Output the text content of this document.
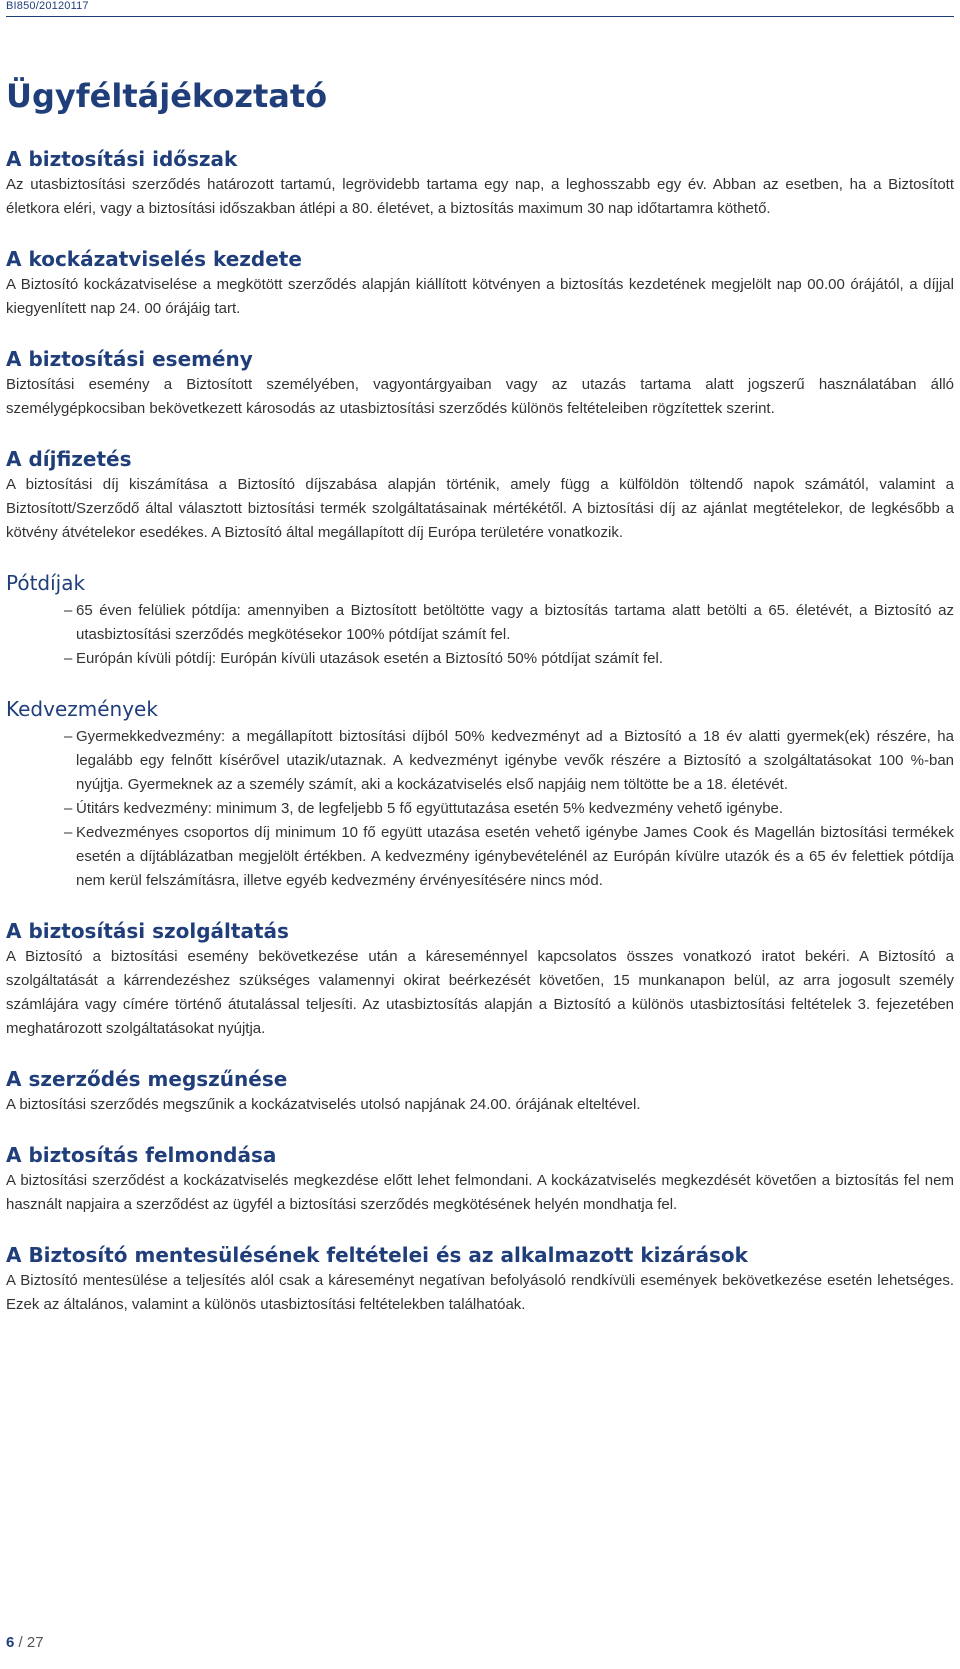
BI850/20120117
Ügyféltájékoztató
A biztosítási időszak

Az utasbiztosítási szerződés határozott tartamú, legrövidebb tartama egy nap, a leghosszabb egy év. Abban az esetben, ha a Biztosított életkora eléri, vagy a biztosítási időszakban átlépi a 80. életévet, a biztosítás maximum 30 nap időtartamra köthető.

A kockázatviselés kezdete

A Biztosító kockázatviselése a megkötött szerződés alapján kiállított kötvényen a biztosítás kezdetének megjelölt nap 00.00 órájától, a díjjal kiegyenlített nap 24. 00 órájáig tart.

A biztosítási esemény

Biztosítási esemény a Biztosított személyében, vagyontárgyaiban vagy az utazás tartama alatt jogszerű használatában álló személygépkocsiban bekövetkezett károsodás az utasbiztosítási szerződés különös feltételeiben rögzítettek szerint.

A díjfizetés

A biztosítási díj kiszámítása a Biztosító díjszabása alapján történik, amely függ a külföldön töltendő napok számától, valamint a Biztosított/Szerződő által választott biztosítási termék szolgáltatásainak mértékétől. A biztosítási díj az ajánlat megtételekor, de legkésőbb a kötvény átvételekor esedékes. A Biztosító által megállapított díj Európa területére vonatkozik.

Pótdíjak
– 65 éven felüliek pótdíja: amennyiben a Biztosított betöltötte vagy a biztosítás tartama alatt betölti a 65. életévét, a Biztosító az utasbiztosítási szerződés megkötésekor 100% pótdíjat számít fel.
– Európán kívüli pótdíj: Európán kívüli utazások esetén a Biztosító 50% pótdíjat számít fel.
Kedvezmények
– Gyermekkedvezmény: a megállapított biztosítási díjból 50% kedvezményt ad a Biztosító a 18 év alatti gyermek(ek) részére, ha legalább egy felnőtt kísérővel utazik/utaznak. A kedvezményt igénybe vevők részére a Biztosító a szolgáltatásokat 100 %-ban nyújtja. Gyermeknek az a személy számít, aki a kockázatviselés első napjáig nem töltötte be a 18. életévét.
– Útitárs kedvezmény: minimum 3, de legfeljebb 5 fő együttutazása esetén 5% kedvezmény vehető igénybe.
– Kedvezményes csoportos díj minimum 10 fő együtt utazása esetén vehető igénybe James Cook és Magellán biztosítási termékek esetén a díjtáblázatban megjelölt értékben. A kedvezmény igénybevételénél az Európán kívülre utazók és a 65 év felettiek pótdíja nem kerül felszámításra, illetve egyéb kedvezmény érvényesítésére nincs mód.
A biztosítási szolgáltatás

A Biztosító a biztosítási esemény bekövetkezése után a káreseménnyel kapcsolatos összes vonatkozó iratot bekéri. A Biztosító a szolgáltatását a kárrendezéshez szükséges valamennyi okirat beérkezését követően, 15 munkanapon belül, az arra jogosult személy számlájára vagy címére történő átutalással teljesíti. Az utasbiztosítás alapján a Biztosító a különös utasbiztosítási feltételek 3. fejezetében meghatározott szolgáltatásokat nyújtja.

A szerződés megszűnése

A biztosítási szerződés megszűnik a kockázatviselés utolsó napjának 24.00. órájának elteltével.

A biztosítás felmondása

A biztosítási szerződést a kockázatviselés megkezdése előtt lehet felmondani. A kockázatviselés megkezdését követően a biztosítás fel nem használt napjaira a szerződést az ügyfél a biztosítási szerződés megkötésének helyén mondhatja fel.

A Biztosító mentesülésének feltételei és az alkalmazott kizárások

A Biztosító mentesülése a teljesítés alól csak a káreseményt negatívan befolyásoló rendkívüli események bekövetkezése esetén lehetséges. Ezek az általános, valamint a különös utasbiztosítási feltételekben találhatóak.

6 / 27
